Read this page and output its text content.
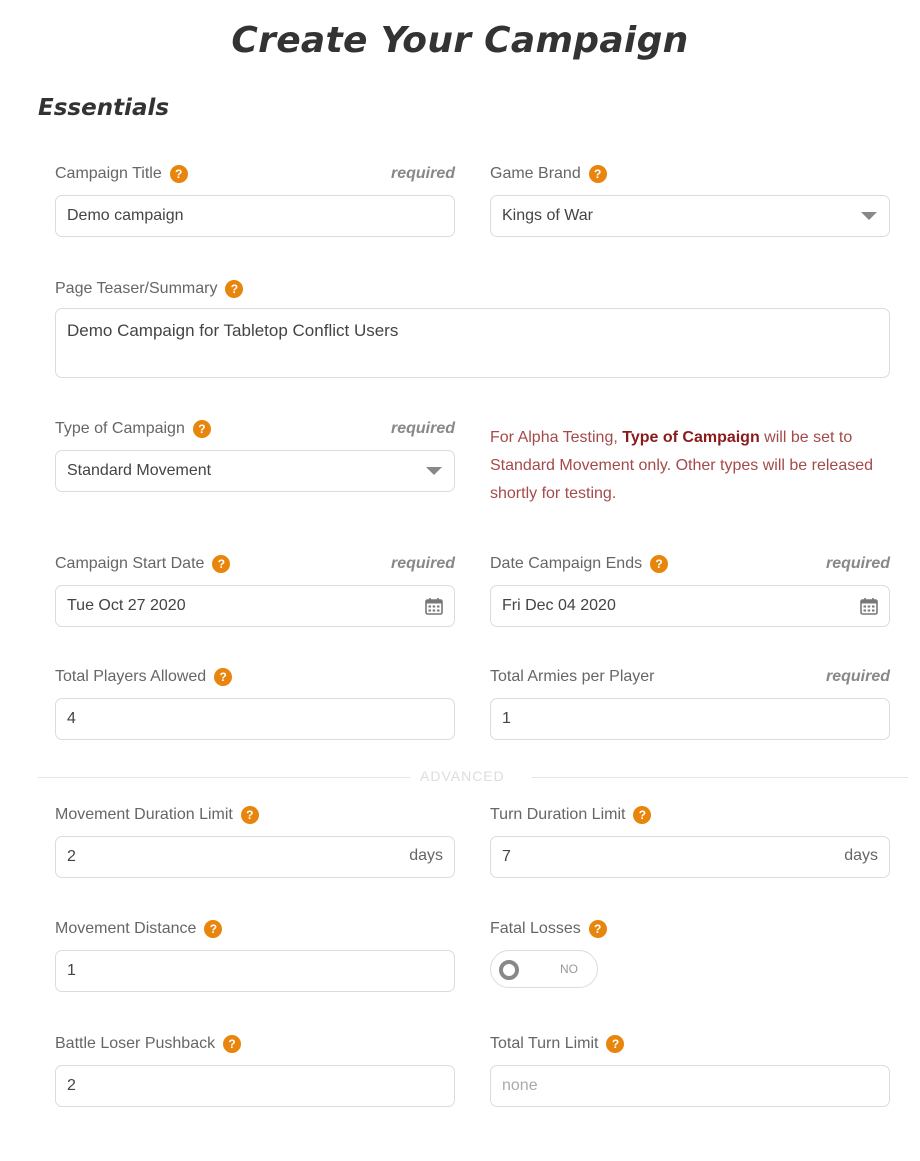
Create Your Campaign
Essentials
Campaign Title	?	required
Demo campaign
Game Brand	?
Kings of War
Page Teaser/Summary	?
Demo Campaign for Tabletop Conflict Users
Type of Campaign	?	required
Standard Movement
For Alpha Testing, Type of Campaign will be set to Standard Movement only. Other types will be released shortly for testing.
Campaign Start Date	?	required
Tue Oct 27 2020
Date Campaign Ends	?	required
Fri Dec 04 2020
Total Players Allowed	?
4
Total Armies per Player	required
1
ADVANCED
Movement Duration Limit	?
2	days
Turn Duration Limit	?
7	days
Movement Distance	?
1
Fatal Losses	?
NO
Battle Loser Pushback	?
2
Total Turn Limit	?
none
